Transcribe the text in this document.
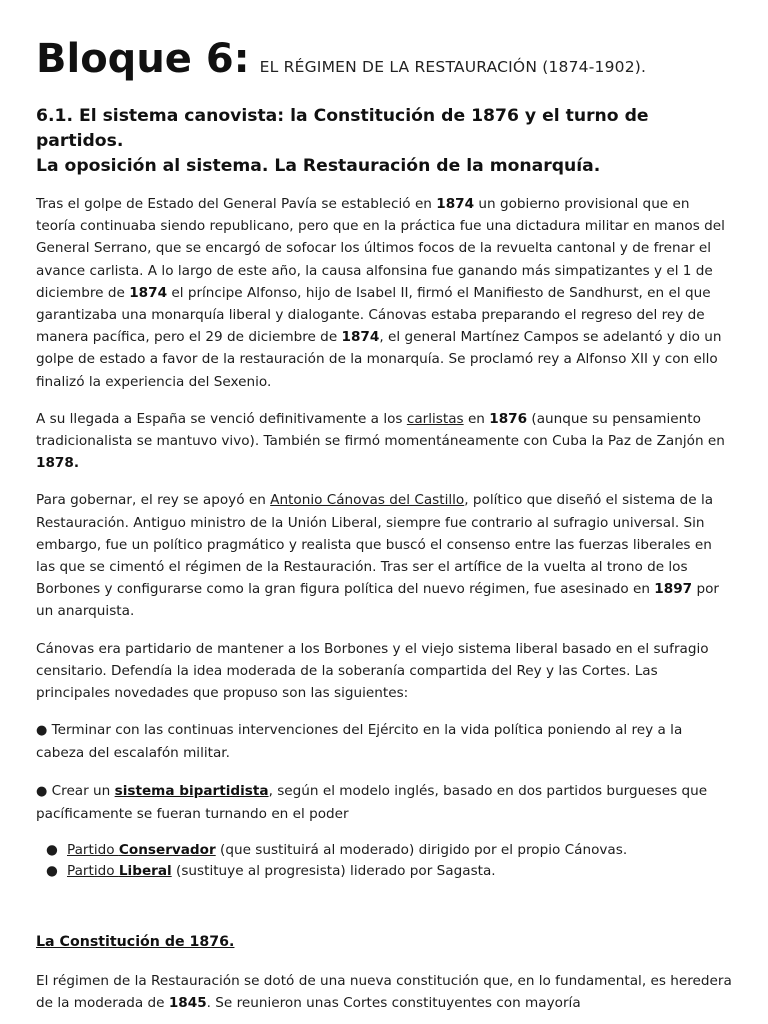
Bloque 6: EL RÉGIMEN DE LA RESTAURACIÓN (1874-1902).
6.1. El sistema canovista: la Constitución de 1876 y el turno de partidos.
La oposición al sistema. La Restauración de la monarquía.

Tras el golpe de Estado del General Pavía se estableció en 1874 un gobierno provisional que en teoría continuaba siendo republicano, pero que en la práctica fue una dictadura militar en manos del General Serrano, que se encargó de sofocar los últimos focos de la revuelta cantonal y de frenar el avance carlista. A lo largo de este año, la causa alfonsina fue ganando más simpatizantes y el 1 de diciembre de 1874 el príncipe Alfonso, hijo de Isabel II, firmó el Manifiesto de Sandhurst, en el que garantizaba una monarquía liberal y dialogante. Cánovas estaba preparando el regreso del rey de manera pacífica, pero el 29 de diciembre de 1874, el general Martínez Campos se adelantó y dio un golpe de estado a favor de la restauración de la monarquía. Se proclamó rey a Alfonso XII y con ello finalizó la experiencia del Sexenio.

A su llegada a España se venció definitivamente a los carlistas en 1876 (aunque su pensamiento tradicionalista se mantuvo vivo). También se firmó momentáneamente con Cuba la Paz de Zanjón en 1878.

Para gobernar, el rey se apoyó en Antonio Cánovas del Castillo, político que diseñó el sistema de la Restauración. Antiguo ministro de la Unión Liberal, siempre fue contrario al sufragio universal. Sin embargo, fue un político pragmático y realista que buscó el consenso entre las fuerzas liberales en las que se cimentó el régimen de la Restauración. Tras ser el artífice de la vuelta al trono de los Borbones y configurarse como la gran figura política del nuevo régimen, fue asesinado en 1897 por un anarquista.

Cánovas era partidario de mantener a los Borbones y el viejo sistema liberal basado en el sufragio censitario. Defendía la idea moderada de la soberanía compartida del Rey y las Cortes. Las principales novedades que propuso son las siguientes:

● Terminar con las continuas intervenciones del Ejército en la vida política poniendo al rey a la cabeza del escalafón militar.

● Crear un sistema bipartidista, según el modelo inglés, basado en dos partidos burgueses que pacíficamente se fueran turnando en el poder

● Partido Conservador (que sustituirá al moderado) dirigido por el propio Cánovas.
● Partido Liberal (sustituye al progresista) liderado por Sagasta.
La Constitución de 1876.

El régimen de la Restauración se dotó de una nueva constitución que, en lo fundamental, es heredera de la moderada de 1845. Se reunieron unas Cortes constituyentes con mayoría
